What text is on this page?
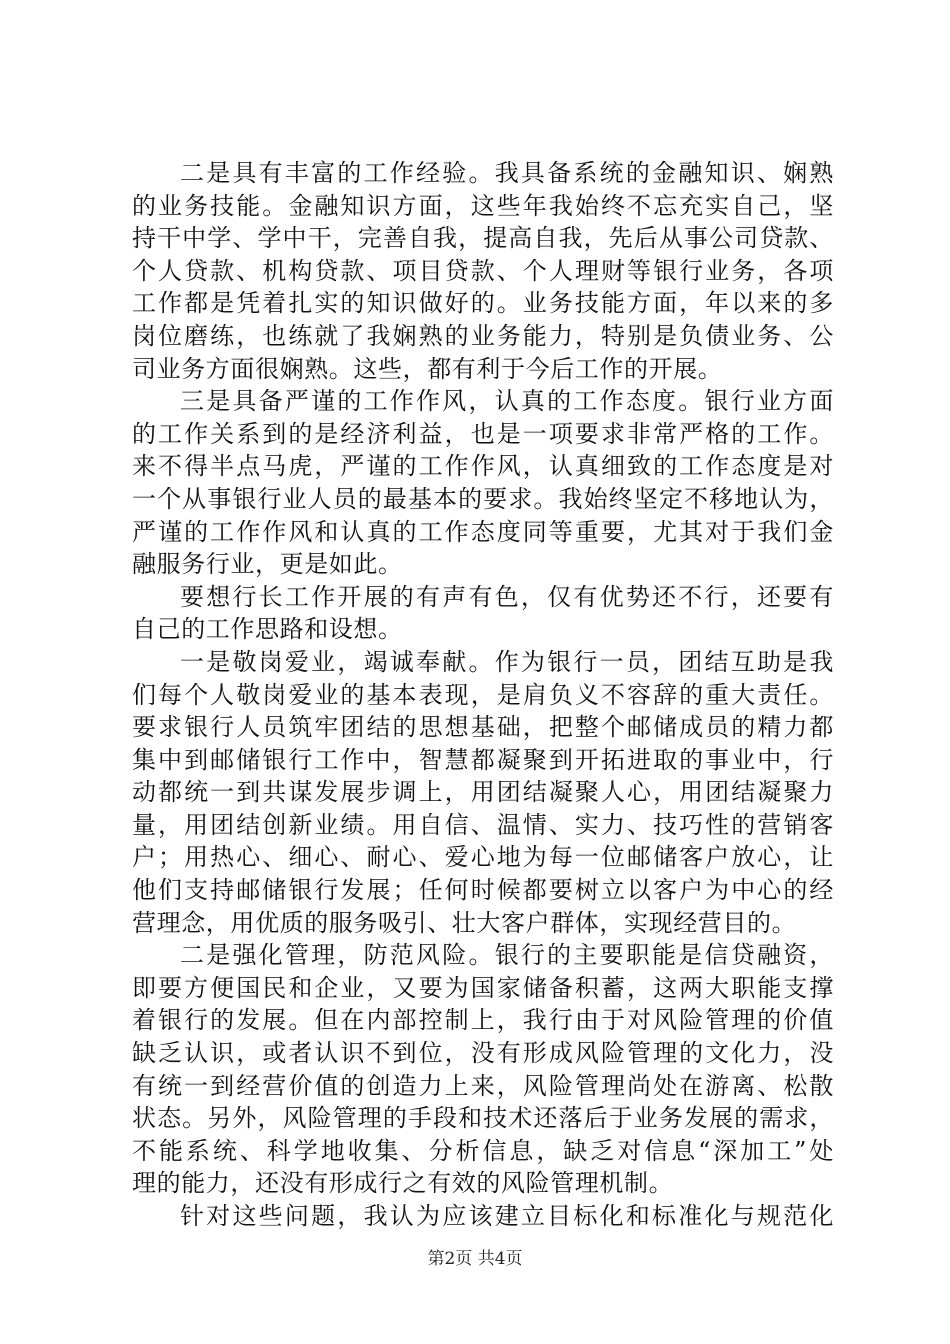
二是具有丰富的工作经验。我具备系统的金融知识、娴熟
的业务技能。金融知识方面，这些年我始终不忘充实自己，坚
持干中学、学中干，完善自我，提高自我，先后从事公司贷款、
个人贷款、机构贷款、项目贷款、个人理财等银行业务，各项
工作都是凭着扎实的知识做好的。业务技能方面，年以来的多
岗位磨练，也练就了我娴熟的业务能力，特别是负债业务、公
司业务方面很娴熟。这些，都有利于今后工作的开展。
三是具备严谨的工作作风，认真的工作态度。银行业方面
的工作关系到的是经济利益，也是一项要求非常严格的工作。
来不得半点马虎，严谨的工作作风，认真细致的工作态度是对
一个从事银行业人员的最基本的要求。我始终坚定不移地认为，
严谨的工作作风和认真的工作态度同等重要，尤其对于我们金
融服务行业，更是如此。
要想行长工作开展的有声有色，仅有优势还不行，还要有
自己的工作思路和设想。
一是敬岗爱业，竭诚奉献。作为银行一员，团结互助是我
们每个人敬岗爱业的基本表现，是肩负义不容辞的重大责任。
要求银行人员筑牢团结的思想基础，把整个邮储成员的精力都
集中到邮储银行工作中，智慧都凝聚到开拓进取的事业中，行
动都统一到共谋发展步调上，用团结凝聚人心，用团结凝聚力
量，用团结创新业绩。用自信、温情、实力、技巧性的营销客
户；用热心、细心、耐心、爱心地为每一位邮储客户放心，让
他们支持邮储银行发展；任何时候都要树立以客户为中心的经
营理念，用优质的服务吸引、壮大客户群体，实现经营目的。
二是强化管理，防范风险。银行的主要职能是信贷融资，
即要方便国民和企业，又要为国家储备积蓄，这两大职能支撑
着银行的发展。但在内部控制上，我行由于对风险管理的价值
缺乏认识，或者认识不到位，没有形成风险管理的文化力，没
有统一到经营价值的创造力上来，风险管理尚处在游离、松散
状态。另外，风险管理的手段和技术还落后于业务发展的需求，
不能系统、科学地收集、分析信息，缺乏对信息“深加工”处
理的能力，还没有形成行之有效的风险管理机制。
针对这些问题，我认为应该建立目标化和标准化与规范化
第2页 共4页
